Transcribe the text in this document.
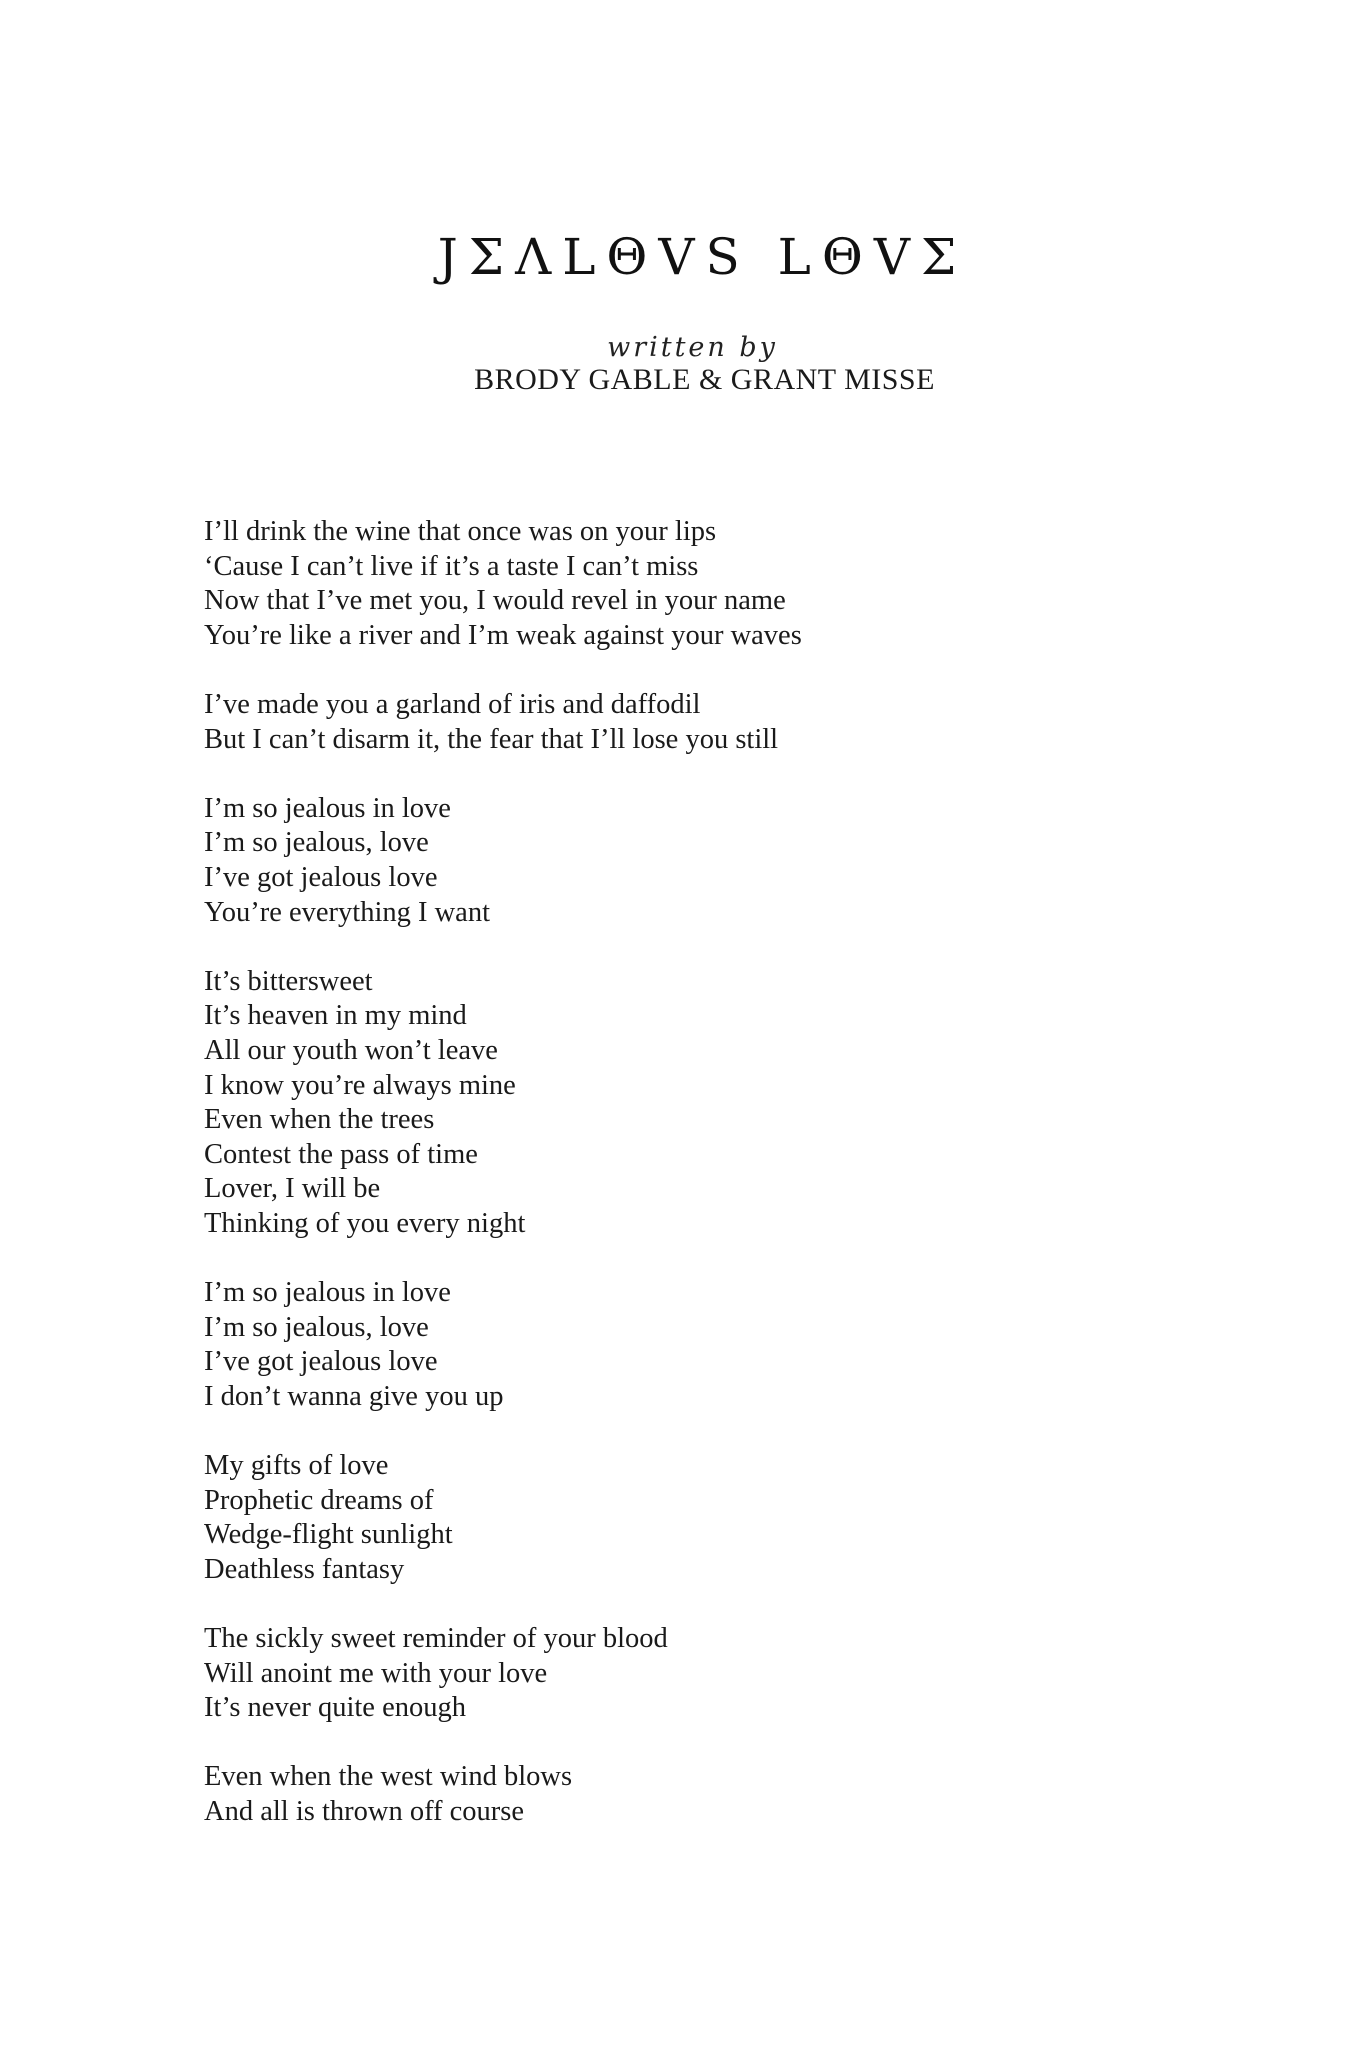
JΣΛLΘVS LΘVΣ
written by
BRODY GABLE & GRANT MISSE
I’ll drink the wine that once was on your lips
‘Cause I can’t live if it’s a taste I can’t miss
Now that I’ve met you, I would revel in your name
You’re like a river and I’m weak against your waves
I’ve made you a garland of iris and daffodil
But I can’t disarm it, the fear that I’ll lose you still
I’m so jealous in love
I’m so jealous, love
I’ve got jealous love
You’re everything I want
It’s bittersweet
It’s heaven in my mind
All our youth won’t leave
I know you’re always mine
Even when the trees
Contest the pass of time
Lover, I will be
Thinking of you every night
I’m so jealous in love
I’m so jealous, love
I’ve got jealous love
I don’t wanna give you up
My gifts of love
Prophetic dreams of
Wedge-flight sunlight
Deathless fantasy
The sickly sweet reminder of your blood
Will anoint me with your love
It’s never quite enough
Even when the west wind blows
And all is thrown off course
